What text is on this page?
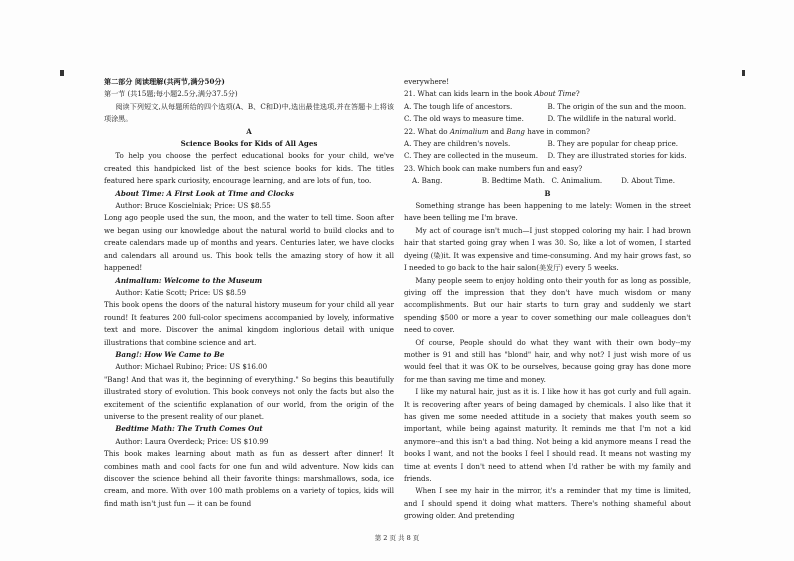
第二部分 阅读理解(共两节,满分50分)

第一节 (共15题;每小题2.5分,满分37.5分)

阅读下列短文,从每题所给的四个选项(A、B、C和D)中,选出最佳选项,并在答题卡上将该项涂黑。

A

Science Books for Kids of All Ages

To help you choose the perfect educational books for your child, we've created this handpicked list of the best science books for kids. The titles featured here spark curiosity, encourage learning, and are lots of fun, too.

About Time: A First Look at Time and Clocks

Author: Bruce Koscielniak; Price: US $8.55

Long ago people used the sun, the moon, and the water to tell time. Soon after we began using our knowledge about the natural world to build clocks and to create calendars made up of months and years. Centuries later, we have clocks and calendars all around us. This book tells the amazing story of how it all happened!

Animalium: Welcome to the Museum

Author: Katie Scott; Price: US $8.59

This book opens the doors of the natural history museum for your child all year round! It features 200 full-color specimens accompanied by lovely, informative text and more. Discover the animal kingdom inglorious detail with unique illustrations that combine science and art.

Bang!: How We Came to Be

Author: Michael Rubino; Price: US $16.00

"Bang! And that was it, the beginning of everything." So begins this beautifully illustrated story of evolution. This book conveys not only the facts but also the excitement of the scientific explanation of our world, from the origin of the universe to the present reality of our planet.

Bedtime Math: The Truth Comes Out

Author: Laura Overdeck; Price: US $10.99

This book makes learning about math as fun as dessert after dinner! It combines math and cool facts for one fun and wild adventure. Now kids can discover the science behind all their favorite things: marshmallows, soda, ice cream, and more. With over 100 math problems on a variety of topics, kids will find math isn't just fun — it can be found

everywhere!

21. What can kids learn in the book About Time?

A. The tough life of ancestors.	B. The origin of the sun and the moon.
C. The old ways to measure time.	D. The wildlife in the natural world.

22. What do Animalium and Bang have in common?

A. They are children's novels.	B. They are popular for cheap price.
C. They are collected in the museum.	D. They are illustrated stories for kids.

23. Which book can make numbers fun and easy?

A. Bang.	B. Bedtime Math. C. Animalium.	D. About Time.

B

Something strange has been happening to me lately: Women in the street have been telling me I'm brave.

My act of courage isn't much—I just stopped coloring my hair. I had brown hair that started going gray when I was 30. So, like a lot of women, I started dyeing (染)it. It was expensive and time-consuming. And my hair grows fast, so I needed to go back to the hair salon(美发厅) every 5 weeks.

Many people seem to enjoy holding onto their youth for as long as possible, giving off the impression that they don't have much wisdom or many accomplishments. But our hair starts to turn gray and suddenly we start spending $500 or more a year to cover something our male colleagues don't need to cover.

Of course, People should do what they want with their own body--my mother is 91 and still has "blond" hair, and why not? I just wish more of us would feel that it was OK to be ourselves, because going gray has done more for me than saving me time and money.

I like my natural hair, just as it is. I like how it has got curly and full again. It is recovering after years of being damaged by chemicals. I also like that it has given me some needed attitude in a society that makes youth seem so important, while being against maturity. It reminds me that I'm not a kid anymore--and this isn't a bad thing. Not being a kid anymore means I read the books I want, and not the books I feel I should read. It means not wasting my time at events I don't need to attend when I'd rather be with my family and friends.

When I see my hair in the mirror, it's a reminder that my time is limited, and I should spend it doing what matters. There's nothing shameful about growing older. And pretending

第 2 页 共 8 页
